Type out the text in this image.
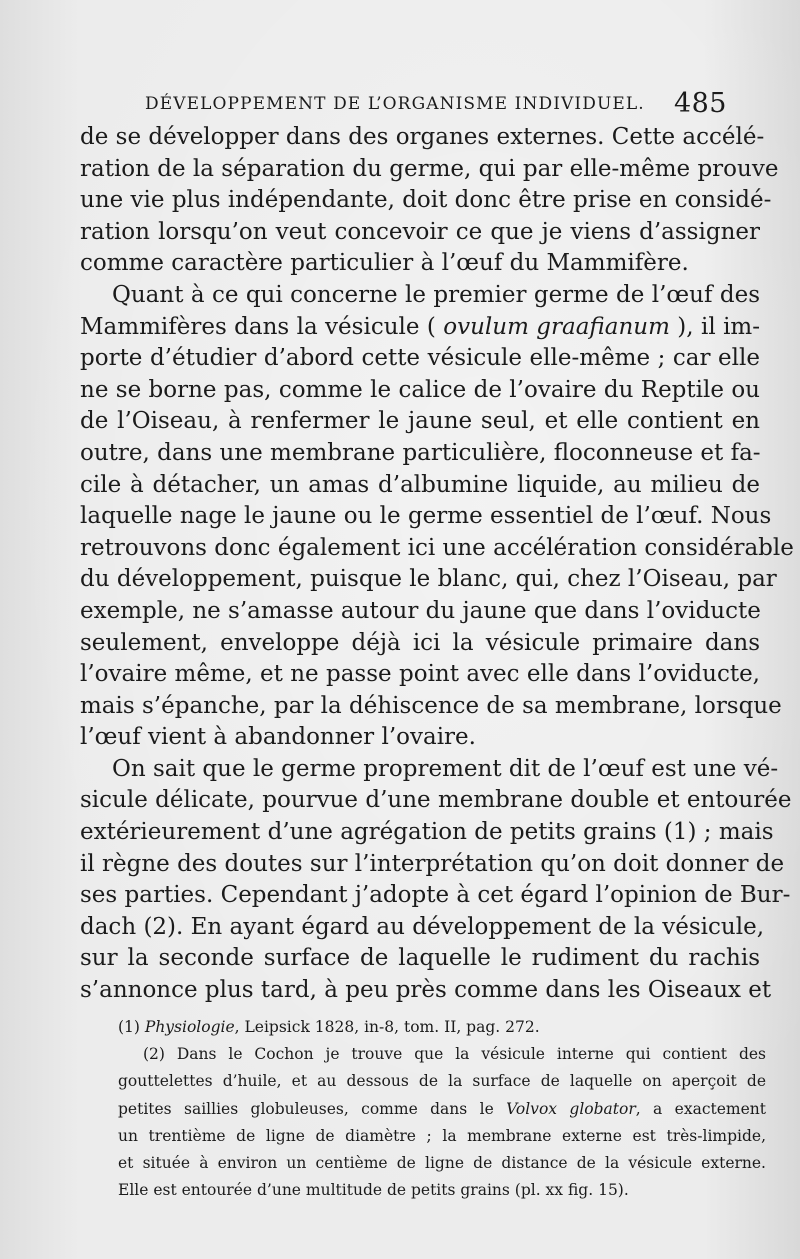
DÉVELOPPEMENT DE L’ORGANISME INDIVIDUEL. 485
de se développer dans des organes externes. Cette accélé-
ration de la séparation du germe, qui par elle-même prouve
une vie plus indépendante, doit donc être prise en considé-
ration lorsqu’on veut concevoir ce que je viens d’assigner
comme caractère particulier à l’œuf du Mammifère.
Quant à ce qui concerne le premier germe de l’œuf des
Mammifères dans la vésicule ( ovulum graafianum ), il im-
porte d’étudier d’abord cette vésicule elle-même ; car elle
ne se borne pas, comme le calice de l’ovaire du Reptile ou
de l’Oiseau, à renfermer le jaune seul, et elle contient en
outre, dans une membrane particulière, floconneuse et fa-
cile à détacher, un amas d’albumine liquide, au milieu de
laquelle nage le jaune ou le germe essentiel de l’œuf. Nous
retrouvons donc également ici une accélération considérable
du développement, puisque le blanc, qui, chez l’Oiseau, par
exemple, ne s’amasse autour du jaune que dans l’oviducte
seulement, enveloppe déjà ici la vésicule primaire dans
l’ovaire même, et ne passe point avec elle dans l’oviducte,
mais s’épanche, par la déhiscence de sa membrane, lorsque
l’œuf vient à abandonner l’ovaire.
On sait que le germe proprement dit de l’œuf est une vé-
sicule délicate, pourvue d’une membrane double et entourée
extérieurement d’une agrégation de petits grains (1) ; mais
il règne des doutes sur l’interprétation qu’on doit donner de
ses parties. Cependant j’adopte à cet égard l’opinion de Bur-
dach (2). En ayant égard au développement de la vésicule,
sur la seconde surface de laquelle le rudiment du rachis
s’annonce plus tard, à peu près comme dans les Oiseaux et
(1) Physiologie, Leipsick 1828, in-8, tom. II, pag. 272.
(2) Dans le Cochon je trouve que la vésicule interne qui contient des
gouttelettes d’huile, et au dessous de la surface de laquelle on aperçoit de
petites saillies globuleuses, comme dans le Volvox globator, a exactement
un trentième de ligne de diamètre ; la membrane externe est très-limpide,
et située à environ un centième de ligne de distance de la vésicule externe.
Elle est entourée d’une multitude de petits grains (pl. xx fig. 15).
